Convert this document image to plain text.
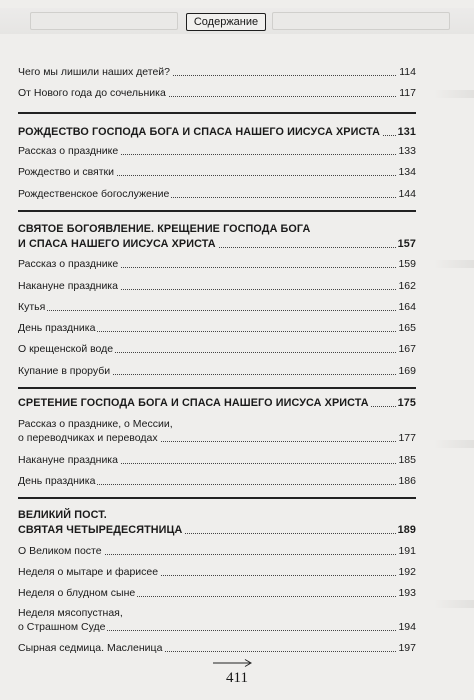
Содержание
Чего мы лишили наших детей?	114
От Нового года до сочельника	117
РОЖДЕСТВО ГОСПОДА БОГА И СПАСА НАШЕГО ИИСУСА ХРИСТА 131
Рассказ о празднике	133
Рождество и святки	134
Рождественское богослужение	144
СВЯТОЕ БОГОЯВЛЕНИЕ. КРЕЩЕНИЕ ГОСПОДА БОГА
И СПАСА НАШЕГО ИИСУСА ХРИСТА	157
Рассказ о празднике	159
Накануне праздника	162
Кутья	164
День праздника	165
О крещенской воде	167
Купание в проруби	169
СРЕТЕНИЕ ГОСПОДА БОГА И СПАСА НАШЕГО ИИСУСА ХРИСТА	175
Рассказ о празднике, о Мессии,
о переводчиках и переводах	177
Накануне праздника	185
День праздника	186
ВЕЛИКИЙ ПОСТ.
СВЯТАЯ ЧЕТЫРЕДЕСЯТНИЦА	189
О Великом посте	191
Неделя о мытаре и фарисее	192
Неделя о блудном сыне	193
Неделя мясопустная,
о Страшном Суде	194
Сырная седмица. Масленица	197
411
